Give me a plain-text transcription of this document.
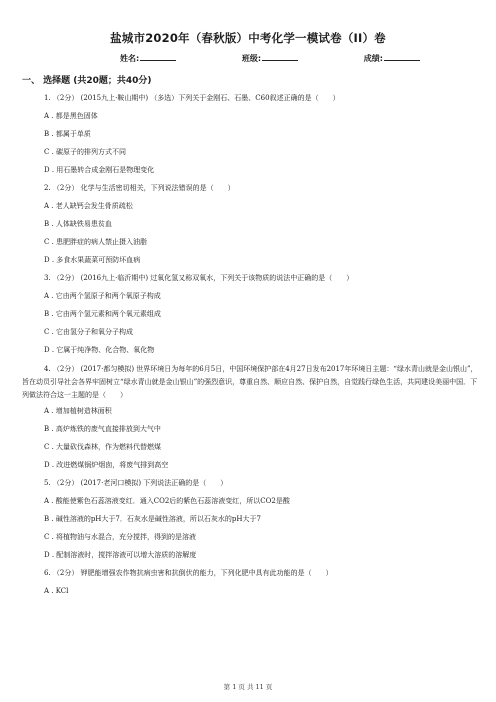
盐城市2020年（春秋版）中考化学一模试卷（II）卷
姓名:	班级:	成绩:
一、 选择题 (共20题；共40分)
1. （2分） (2015九上·鞍山期中) （多选）下列关于金刚石、石墨、C60叙述正确的是（　　）
A . 都是黑色固体
B . 都属于单质
C . 碳原子的排列方式不同
D . 用石墨转合成金刚石是物理变化
2. （2分） 化学与生活密切相关，下列说法错误的是（　　）
A . 老人缺钙会发生骨质疏松
B . 人体缺铁易患贫血
C . 患肥胖症的病人禁止摄入油脂
D . 多食水果蔬菜可预防坏血病
3. （2分） (2016九上·临沂期中) 过氧化氢又称双氧水，下列关于该物质的说法中正确的是（　　）
A . 它由两个氢原子和两个氧原子构成
B . 它由两个氢元素和两个氧元素组成
C . 它由氢分子和氧分子构成
D . 它属于纯净物、化合物、氧化物
4. （2分） (2017·都匀模拟) 世界环境日为每年的6月5日，中国环境保护部在4月27日发布2017年环境日主题：“绿水青山就是金山银山”，旨在动员引导社会各界牢固树立“绿水青山就是金山银山”的强烈意识，尊重自然、顺应自然、保护自然，自觉践行绿色生活，共同建设美丽中国．下列做法符合这一主题的是（　　）
A . 增加植树造林面积
B . 高炉炼铁的废气直接排放到大气中
C . 大量砍伐森林，作为燃料代替燃煤
D . 改进燃煤锅炉烟囱，将废气排到高空
5. （2分） (2017·老河口模拟) 下列说法正确的是（　　）
A . 酸能使紫色石蕊溶液变红．通入CO2后的紫色石蕊溶液变红，所以CO2是酸
B . 碱性溶液的pH大于7．石灰水是碱性溶液，所以石灰水的pH大于7
C . 将植物油与水混合，充分搅拌，得到的是溶液
D . 配制溶液时，搅拌溶液可以增大溶质的溶解度
6. （2分） 钾肥能增强农作物抗病虫害和抗倒伏的能力，下列化肥中具有此功能的是（　　）
A . KCl
第 1 页 共 11 页
